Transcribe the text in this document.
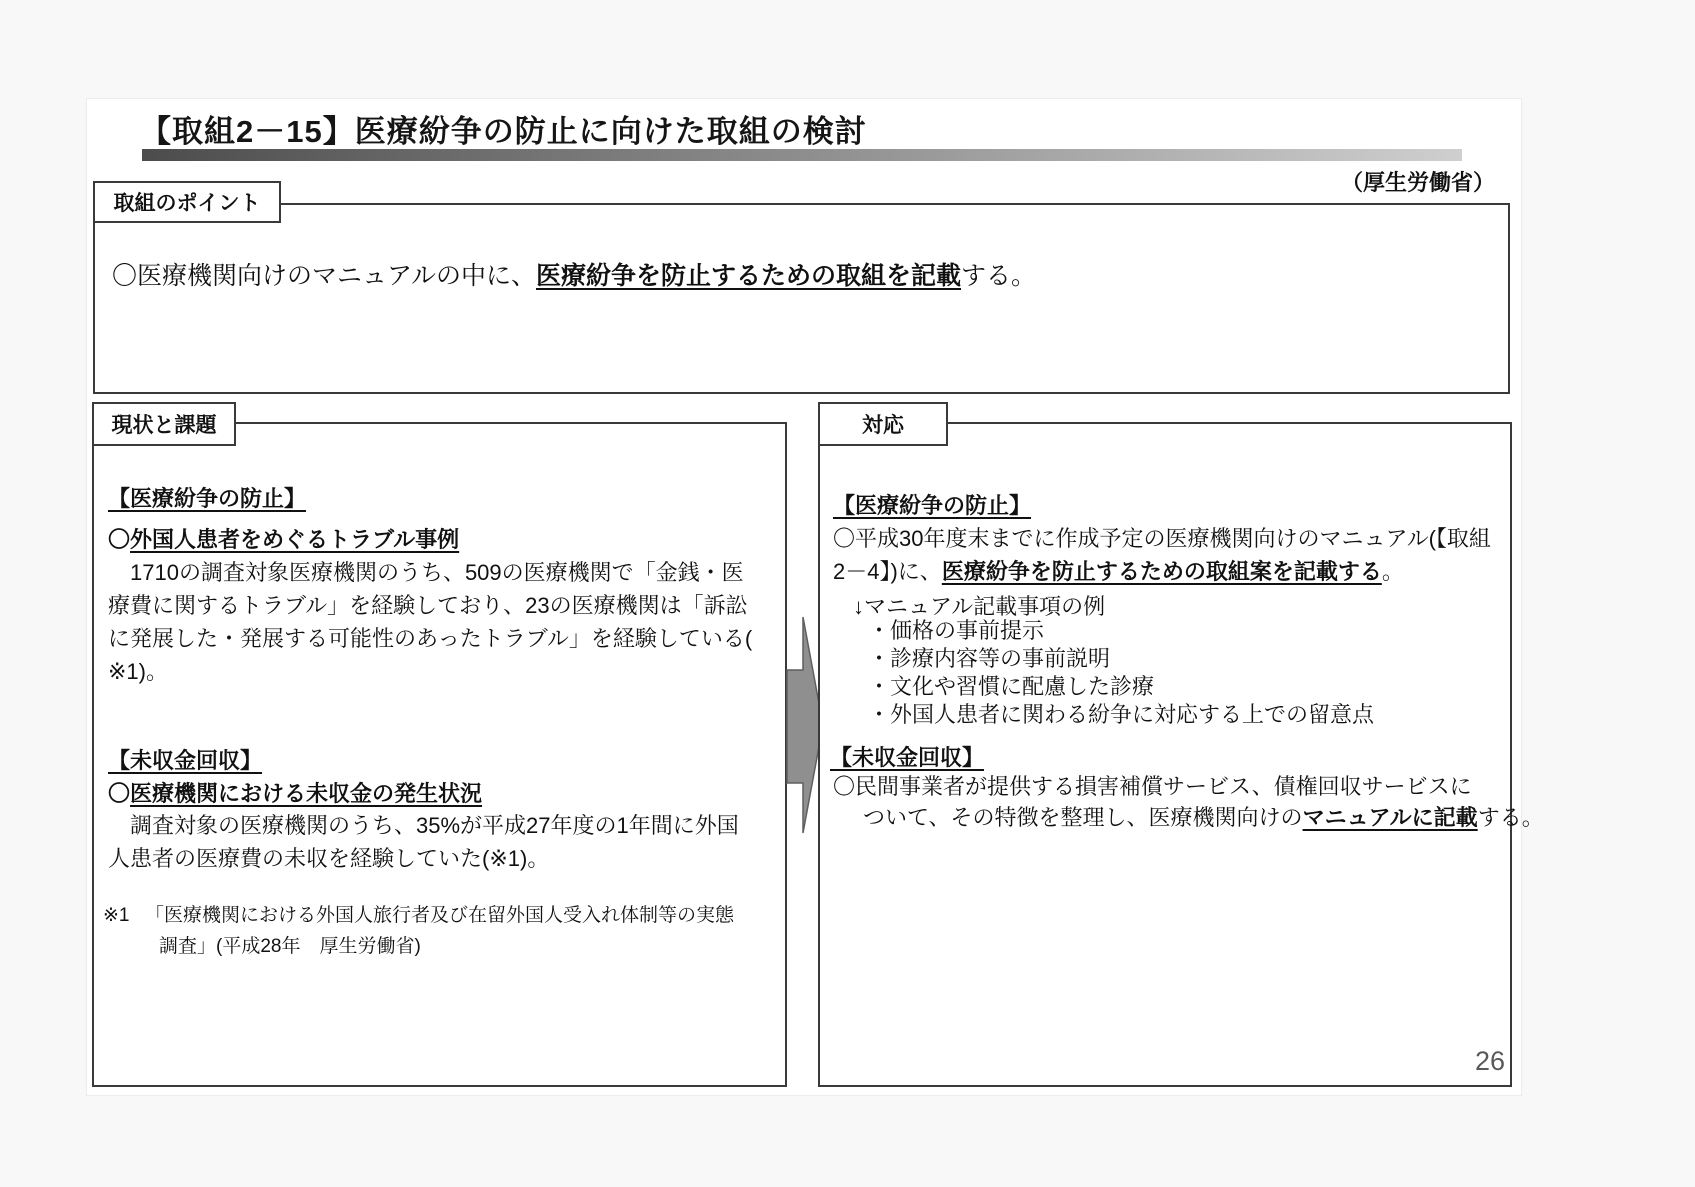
【取組2－15】医療紛争の防止に向けた取組の検討
（厚生労働省）
取組のポイント
〇医療機関向けのマニュアルの中に、医療紛争を防止するための取組を記載する。
現状と課題
【医療紛争の防止】
〇外国人患者をめぐるトラブル事例
　1710の調査対象医療機関のうち、509の医療機関で「金銭・医療費に関するトラブル」を経験しており、23の医療機関は「訴訟に発展した・発展する可能性のあったトラブル」を経験している(※1)。
【未収金回収】
〇医療機関における未収金の発生状況
　調査対象の医療機関のうち、35%が平成27年度の1年間に外国人患者の医療費の未収を経験していた(※1)。
※1 「医療機関における外国人旅行者及び在留外国人受入れ体制等の実態
調査」(平成28年　厚生労働省)
対応
【医療紛争の防止】
〇平成30年度末までに作成予定の医療機関向けのマニュアル(【取組2－4】)に、医療紛争を防止するための取組案を記載する。
↓マニュアル記載事項の例
・価格の事前提示
・診療内容等の事前説明
・文化や習慣に配慮した診療
・外国人患者に関わる紛争に対応する上での留意点
【未収金回収】
〇民間事業者が提供する損害補償サービス、債権回収サービスに
ついて、その特徴を整理し、医療機関向けのマニュアルに記載する。
26
